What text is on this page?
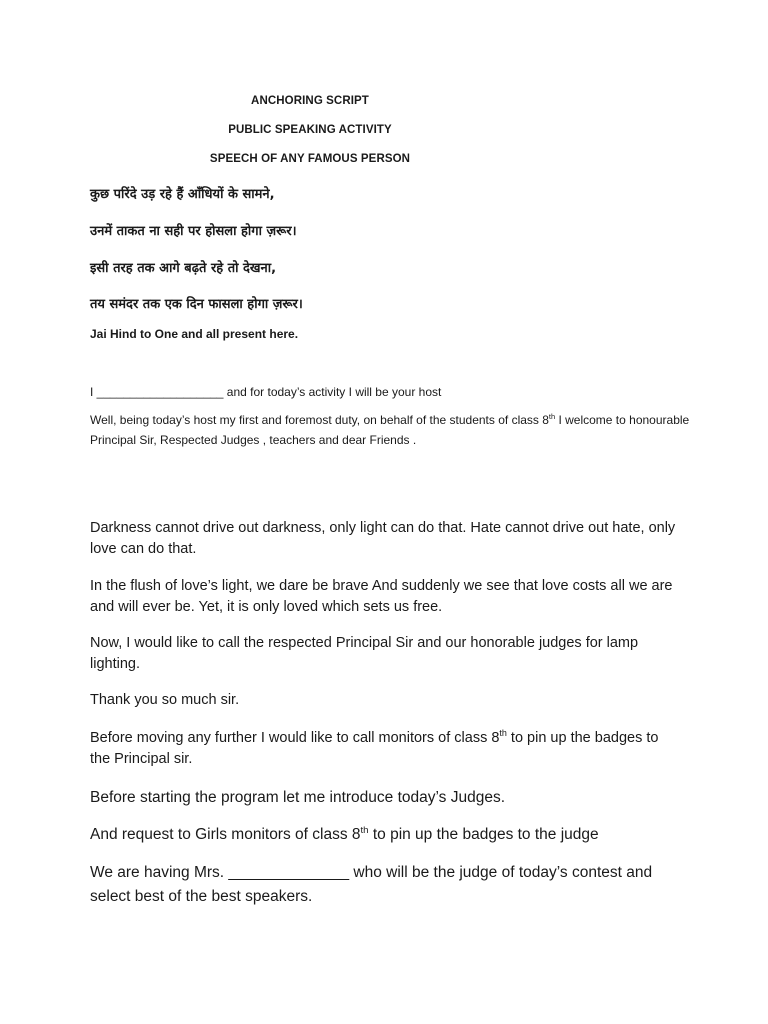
ANCHORING SCRIPT
PUBLIC SPEAKING ACTIVITY
SPEECH OF ANY FAMOUS PERSON
कुछ परिंदे उड़ रहे हैं आँधियों के सामने,
उनमें ताकत ना सही पर होसला होगा ज़रूर।
इसी तरह तक आगे बढ़ते रहे तो देखना,
तय समंदर तक एक दिन फासला होगा ज़रूर।
Jai Hind to One and all present here.
I ___________________ and for today’s activity I will be your host
Well, being today’s host my first and foremost duty, on behalf of the students of class 8th I welcome to honourable Principal Sir, Respected Judges , teachers and dear Friends .
Darkness cannot drive out darkness, only light can do that. Hate cannot drive out hate, only love can do that.
In the flush of love’s light, we dare be brave And suddenly we see that love costs all we are and will ever be. Yet, it is only loved which sets us free.
Now, I would like to call the respected Principal Sir and our honorable judges for lamp lighting.
Thank you so much sir.
Before moving any further I would like to call monitors of class 8th to pin up the badges to the Principal sir.
Before starting the program let me introduce today’s Judges.
And request to Girls monitors of class 8th to pin up the badges to the judge
We are having Mrs. ______________ who will be the judge of today’s contest and select best of the best speakers.
